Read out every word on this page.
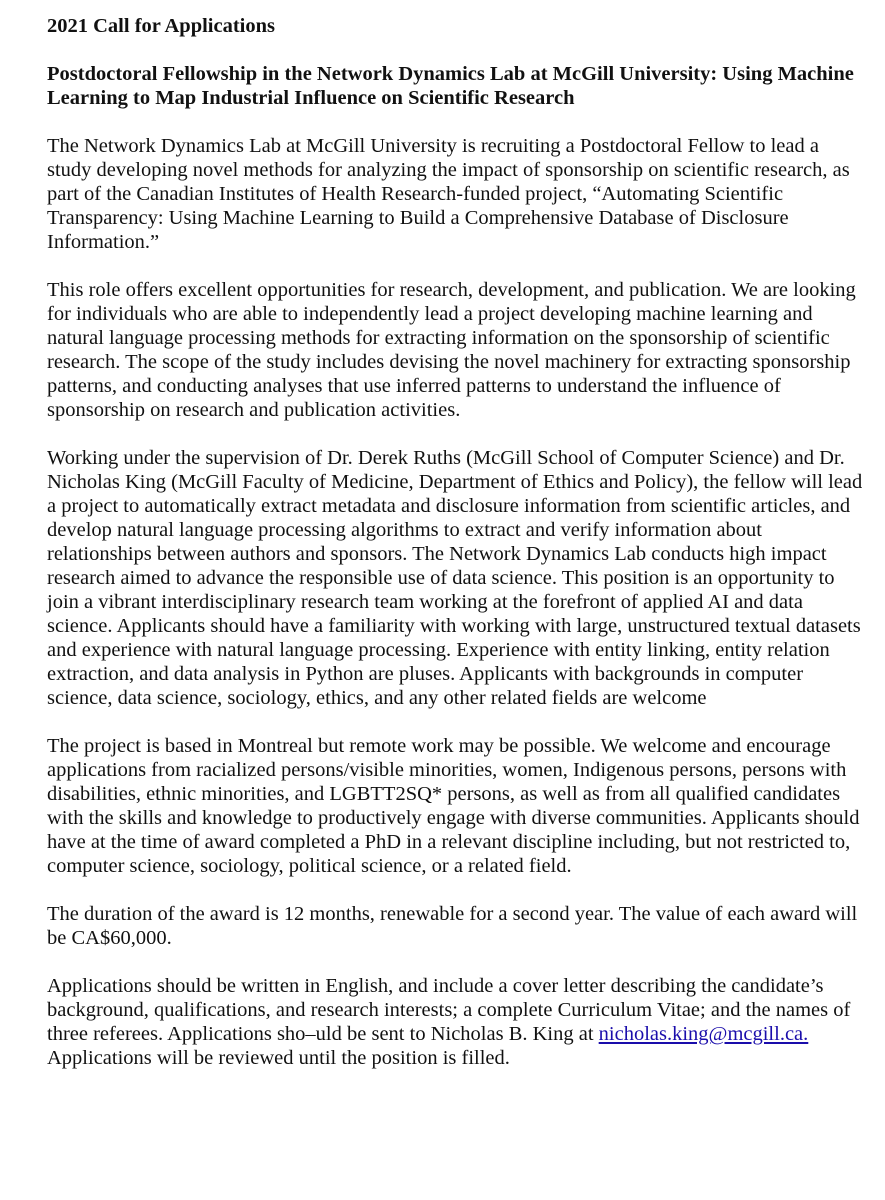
2021 Call for Applications
Postdoctoral Fellowship in the Network Dynamics Lab at McGill University: Using Machine Learning to Map Industrial Influence on Scientific Research

The Network Dynamics Lab at McGill University is recruiting a Postdoctoral Fellow to lead a study developing novel methods for analyzing the impact of sponsorship on scientific research, as part of the Canadian Institutes of Health Research-funded project, “Automating Scientific Transparency: Using Machine Learning to Build a Comprehensive Database of Disclosure Information.”

This role offers excellent opportunities for research, development, and publication. We are looking for individuals who are able to independently lead a project developing machine learning and natural language processing methods for extracting information on the sponsorship of scientific research. The scope of the study includes devising the novel machinery for extracting sponsorship patterns, and conducting analyses that use inferred patterns to understand the influence of sponsorship on research and publication activities.

Working under the supervision of Dr. Derek Ruths (McGill School of Computer Science) and Dr. Nicholas King (McGill Faculty of Medicine, Department of Ethics and Policy), the fellow will lead a project to automatically extract metadata and disclosure information from scientific articles, and develop natural language processing algorithms to extract and verify information about relationships between authors and sponsors. The Network Dynamics Lab conducts high impact research aimed to advance the responsible use of data science. This position is an opportunity to join a vibrant interdisciplinary research team working at the forefront of applied AI and data science. Applicants should have a familiarity with working with large, unstructured textual datasets and experience with natural language processing. Experience with entity linking, entity relation extraction, and data analysis in Python are pluses. Applicants with backgrounds in computer science, data science, sociology, ethics, and any other related fields are welcome

The project is based in Montreal but remote work may be possible. We welcome and encourage applications from racialized persons/visible minorities, women, Indigenous persons, persons with disabilities, ethnic minorities, and LGBTT2SQ* persons, as well as from all qualified candidates with the skills and knowledge to productively engage with diverse communities. Applicants should have at the time of award completed a PhD in a relevant discipline including, but not restricted to, computer science, sociology, political science, or a related field.

The duration of the award is 12 months, renewable for a second year. The value of each award will be CA$60,000.

Applications should be written in English, and include a cover letter describing the candidate’s background, qualifications, and research interests; a complete Curriculum Vitae; and the names of three referees. Applications sho–uld be sent to Nicholas B. King at nicholas.king@mcgill.ca. Applications will be reviewed until the position is filled.
